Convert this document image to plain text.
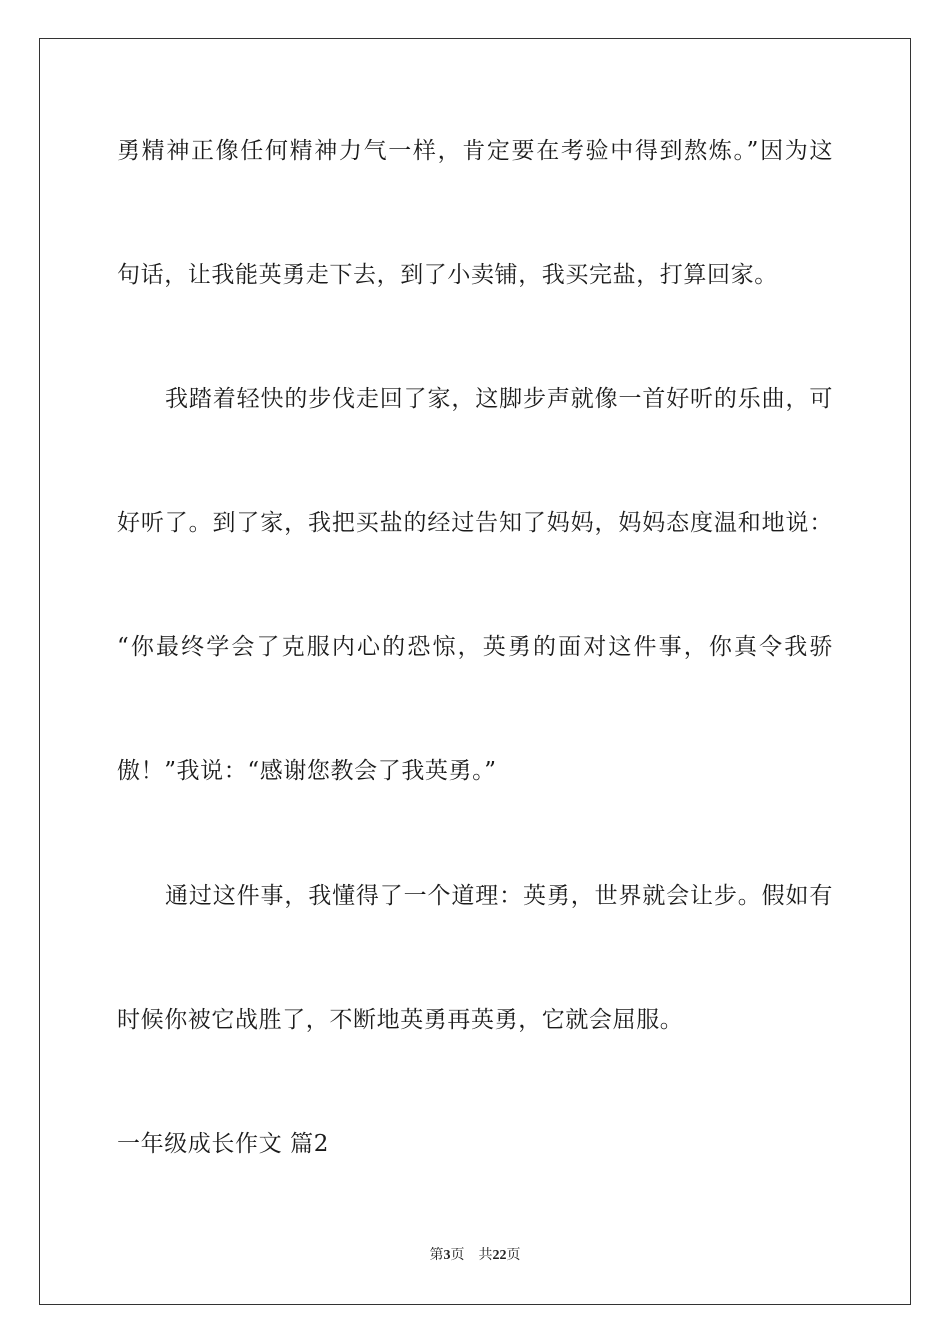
勇精神正像任何精神力气一样，肯定要在考验中得到熬炼。”因为这
句话，让我能英勇走下去，到了小卖铺，我买完盐，打算回家。
我踏着轻快的步伐走回了家，这脚步声就像一首好听的乐曲，可
好听了。到了家，我把买盐的经过告知了妈妈，妈妈态度温和地说：
“你最终学会了克服内心的恐惊，英勇的面对这件事，你真令我骄
傲！”我说：“感谢您教会了我英勇。”
通过这件事，我懂得了一个道理：英勇，世界就会让步。假如有
时候你被它战胜了，不断地英勇再英勇，它就会屈服。
一年级成长作文 篇2
第3页 共22页
